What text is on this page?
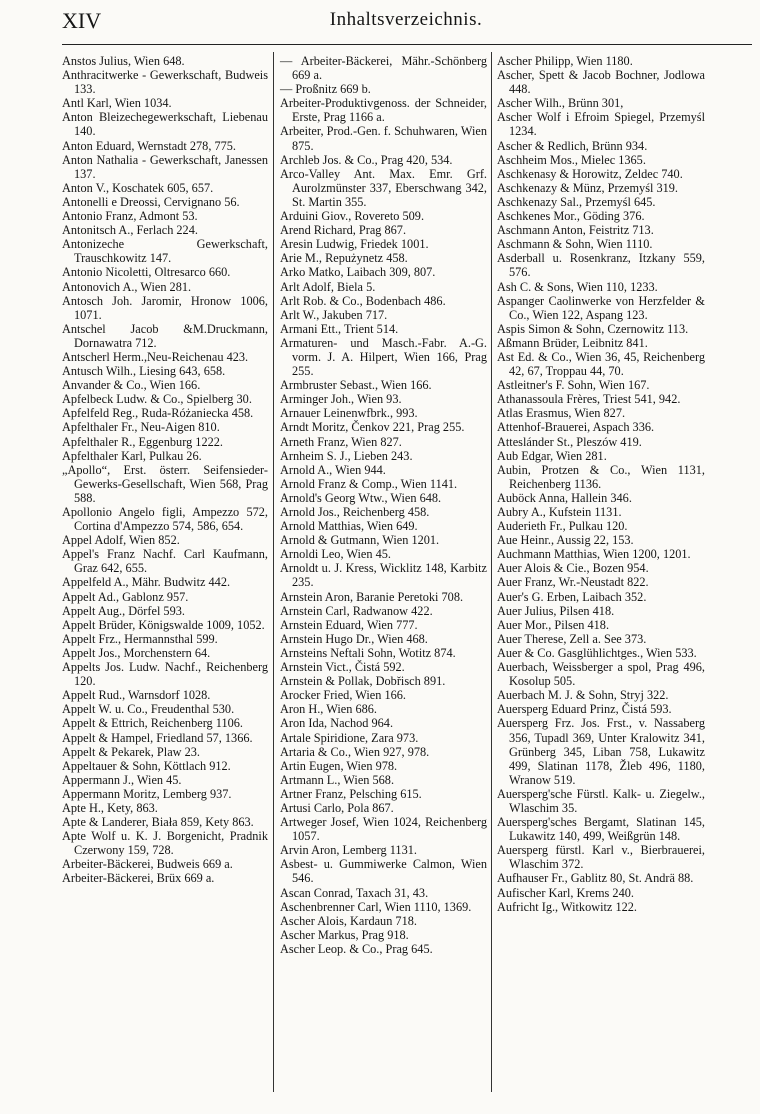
XIV	Inhaltsverzeichnis.

Anstos Julius, Wien 648.

Anthracitwerke - Gewerkschaft, Budweis 133.

Antl Karl, Wien 1034.

Anton Bleizechegewerkschaft, Liebenau 140.

Anton Eduard, Wernstadt 278, 775.

Anton Nathalia - Gewerkschaft, Janessen 137.

Anton V., Koschatek 605, 657.

Antonelli e Dreossi, Cervignano 56.

Antonio Franz, Admont 53.

Antonitsch A., Ferlach 224.

Antonizeche Gewerkschaft, Trauschkowitz 147.

Antonio Nicoletti, Oltresarco 660.

Antonovich A., Wien 281.

Antosch Joh. Jaromir, Hronow 1006, 1071.

Antschel Jacob &M.Druckmann, Dornawatra 712.

Antscherl Herm.,Neu-Reichenau 423.

Antusch Wilh., Liesing 643, 658.

Anvander & Co., Wien 166.

Apfelbeck Ludw. & Co., Spielberg 30.

Apfelfeld Reg., Ruda-Różaniecka 458.

Apfelthaler Fr., Neu-Aigen 810.

Apfelthaler R., Eggenburg 1222.

Apfelthaler Karl, Pulkau 26.

„Apollo“, Erst. österr. Seifensieder-Gewerks-Gesellschaft, Wien 568, Prag 588.

Apollonio Angelo figli, Ampezzo 572, Cortina d'Ampezzo 574, 586, 654.

Appel Adolf, Wien 852.

Appel's Franz Nachf. Carl Kaufmann, Graz 642, 655.

Appelfeld A., Mähr. Budwitz 442.

Appelt Ad., Gablonz 957.

Appelt Aug., Dörfel 593.

Appelt Brüder, Königswalde 1009, 1052.

Appelt Frz., Hermannsthal 599.

Appelt Jos., Morchenstern 64.

Appelts Jos. Ludw. Nachf., Reichenberg 120.

Appelt Rud., Warnsdorf 1028.

Appelt W. u. Co., Freudenthal 530.

Appelt & Ettrich, Reichenberg 1106.

Appelt & Hampel, Friedland 57, 1366.

Appelt & Pekarek, Plaw 23.

Appeltauer & Sohn, Köttlach 912.

Appermann J., Wien 45.

Appermann Moritz, Lemberg 937.

Apte H., Kety, 863.

Apte & Landerer, Biała 859, Kety 863.

Apte Wolf u. K. J. Borgenicht, Pradnik Czerwony 159, 728.

Arbeiter-Bäckerei, Budweis 669 a.

Arbeiter-Bäckerei, Brüx 669 a.

— Arbeiter-Bäckerei, Mähr.-Schönberg 669 a.

— Proßnitz 669 b.

Arbeiter-Produktivgenoss. der Schneider, Erste, Prag 1166 a.

Arbeiter, Prod.-Gen. f. Schuhwaren, Wien 875.

Archleb Jos. & Co., Prag 420, 534.

Arco-Valley Ant. Max. Emr. Grf. Aurolzmünster 337, Eberschwang 342, St. Martin 355.

Arduini Giov., Rovereto 509.

Arend Richard, Prag 867.

Aresin Ludwig, Friedek 1001.

Arie M., Repużynetz 458.

Arko Matko, Laibach 309, 807.

Arlt Adolf, Biela 5.

Arlt Rob. & Co., Bodenbach 486.

Arlt W., Jakuben 717.

Armani Ett., Trient 514.

Armaturen- und Masch.-Fabr. A.-G. vorm. J. A. Hilpert, Wien 166, Prag 255.

Armbruster Sebast., Wien 166.

Arminger Joh., Wien 93.

Arnauer Leinenwfbrk., 993.

Arndt Moritz, Čenkov 221, Prag 255.

Arneth Franz, Wien 827.

Arnheim S. J., Lieben 243.

Arnold A., Wien 944.

Arnold Franz & Comp., Wien 1141.

Arnold's Georg Wtw., Wien 648.

Arnold Jos., Reichenberg 458.

Arnold Matthias, Wien 649.

Arnold & Gutmann, Wien 1201.

Arnoldi Leo, Wien 45.

Arnoldt u. J. Kress, Wicklitz 148, Karbitz 235.

Arnstein Aron, Baranie Peretoki 708.

Arnstein Carl, Radwanow 422.

Arnstein Eduard, Wien 777.

Arnstein Hugo Dr., Wien 468.

Arnsteins Neftali Sohn, Wotitz 874.

Arnstein Vict., Čistá 592.

Arnstein & Pollak, Dobřisch 891.

Arocker Fried, Wien 166.

Aron H., Wien 686.

Aron Ida, Nachod 964.

Artale Spiridione, Zara 973.

Artaria & Co., Wien 927, 978.

Artin Eugen, Wien 978.

Artmann L., Wien 568.

Artner Franz, Pelsching 615.

Artusi Carlo, Pola 867.

Artweger Josef, Wien 1024, Reichenberg 1057.

Arvin Aron, Lemberg 1131.

Asbest- u. Gummiwerke Calmon, Wien 546.

Ascan Conrad, Taxach 31, 43.

Aschenbrenner Carl, Wien 1110, 1369.

Ascher Alois, Kardaun 718.

Ascher Markus, Prag 918.

Ascher Leop. & Co., Prag 645.

Ascher Philipp, Wien 1180.

Ascher, Spett & Jacob Bochner, Jodlowa 448.

Ascher Wilh., Brünn 301,

Ascher Wolf i Efroim Spiegel, Przemyśl 1234.

Ascher & Redlich, Brünn 934.

Aschheim Mos., Mielec 1365.

Aschkenasy & Horowitz, Zeldec 740.

Aschkenazy & Münz, Przemyśl 319.

Aschkenazy Sal., Przemyśl 645.

Aschkenes Mor., Göding 376.

Aschmann Anton, Feistritz 713.

Aschmann & Sohn, Wien 1110.

Asderball u. Rosenkranz, Itzkany 559, 576.

Ash C. & Sons, Wien 110, 1233.

Aspanger Caolinwerke von Herzfelder & Co., Wien 122, Aspang 123.

Aspis Simon & Sohn, Czernowitz 113.

Aßmann Brüder, Leibnitz 841.

Ast Ed. & Co., Wien 36, 45, Reichenberg 42, 67, Troppau 44, 70.

Astleitner's F. Sohn, Wien 167.

Athanassoula Frères, Triest 541, 942.

Atlas Erasmus, Wien 827.

Attenhof-Brauerei, Aspach 336.

Atteslánder St., Pleszów 419.

Aub Edgar, Wien 281.

Aubin, Protzen & Co., Wien 1131, Reichenberg 1136.

Auböck Anna, Hallein 346.

Aubry A., Kufstein 1131.

Auderieth Fr., Pulkau 120.

Aue Heinr., Aussig 22, 153.

Auchmann Matthias, Wien 1200, 1201.

Auer Alois & Cie., Bozen 954.

Auer Franz, Wr.-Neustadt 822.

Auer's G. Erben, Laibach 352.

Auer Julius, Pilsen 418.

Auer Mor., Pilsen 418.

Auer Therese, Zell a. See 373.

Auer & Co. Gasglühlichtges., Wien 533.

Auerbach, Weissberger a spol, Prag 496, Kosolup 505.

Auerbach M. J. & Sohn, Stryj 322.

Auersperg Eduard Prinz, Čistá 593.

Auersperg Frz. Jos. Frst., v. Nassaberg 356, Tupadl 369, Unter Kralowitz 341, Grünberg 345, Liban 758, Lukawitz 499, Slatinan 1178, Žleb 496, 1180, Wranow 519.

Auersperg'sche Fürstl. Kalk- u. Ziegelw., Wlaschim 35.

Auersperg'sches Bergamt, Slatinan 145, Lukawitz 140, 499, Weißgrün 148.

Auersperg fürstl. Karl v., Bierbrauerei, Wlaschim 372.

Aufhauser Fr., Gablitz 80, St. Andrä 88.

Aufischer Karl, Krems 240.

Aufricht Ig., Witkowitz 122.
